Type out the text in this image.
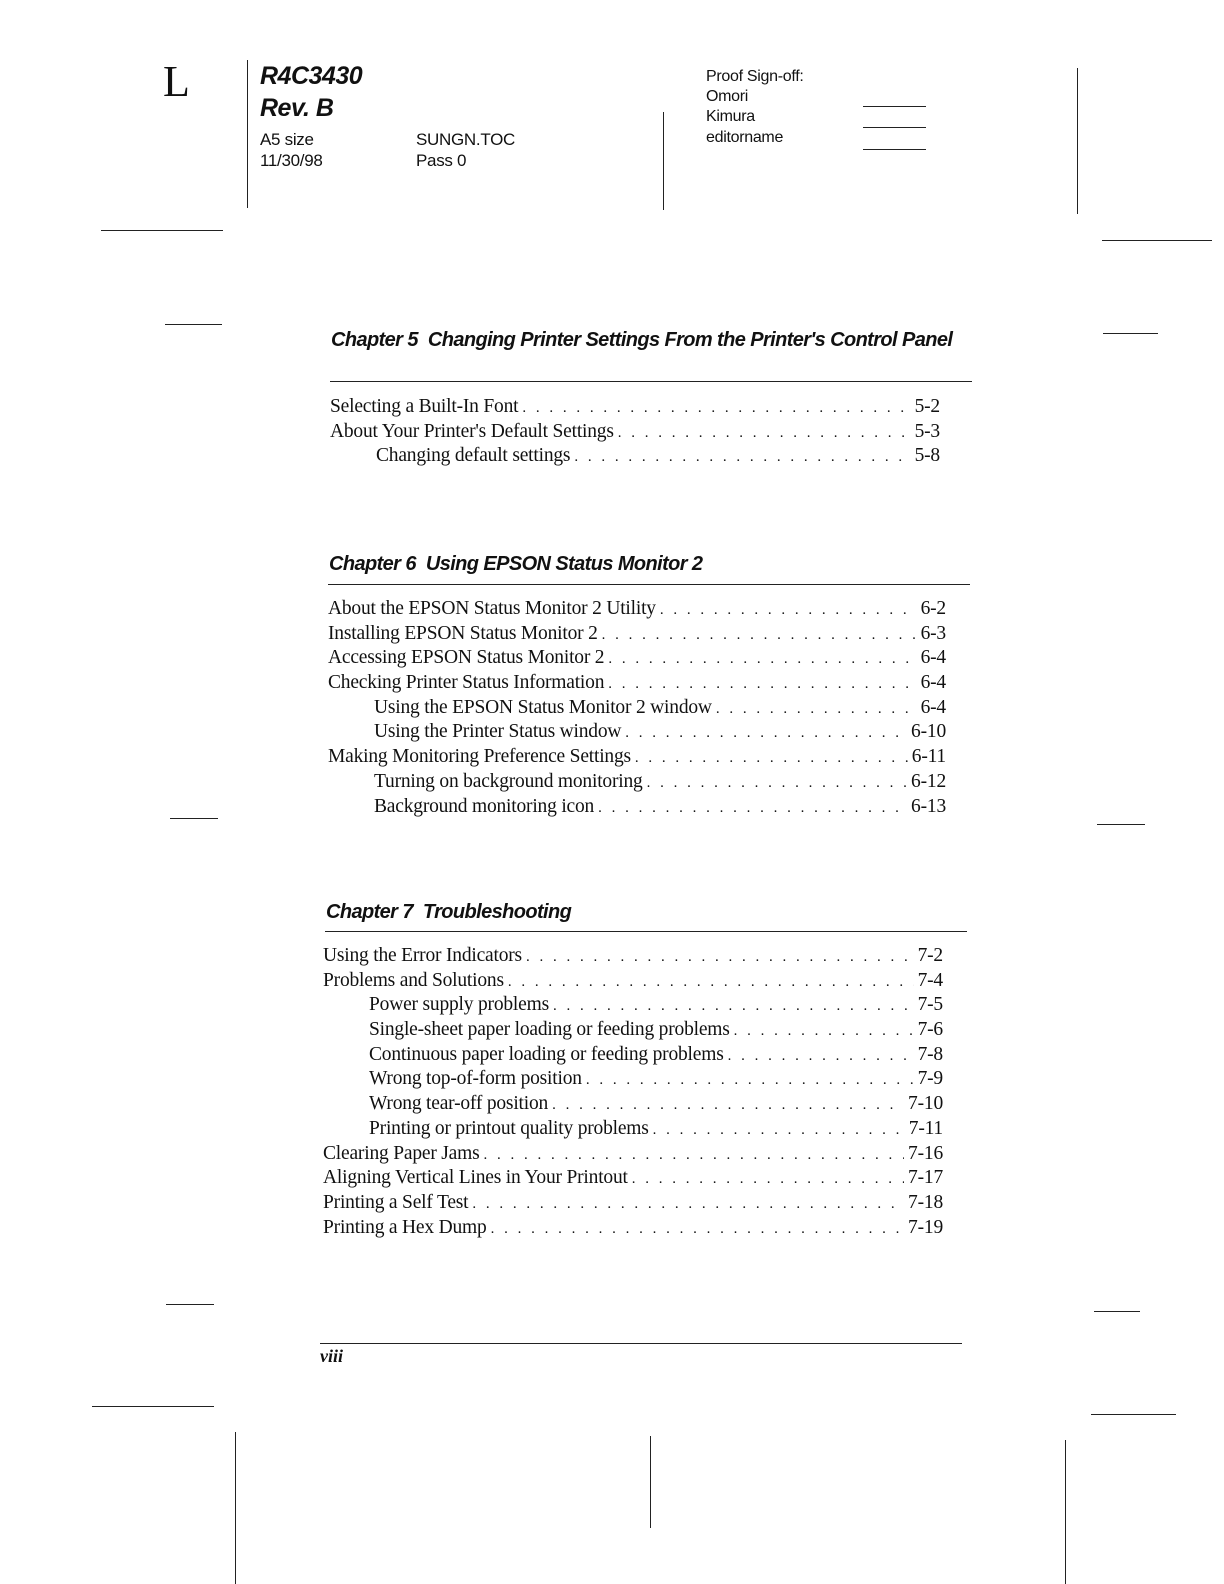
L	R4C3430
Rev. B
A5 size
11/30/98
SUNGN.TOC
Pass 0
Proof Sign-off:
Omori
Kimura
editorname
Chapter 5 Changing Printer Settings From the Printer's Control Panel
Selecting a Built-In Font . . .	5-2
About Your Printer's Default Settings . . .	5-3
Changing default settings . . .	5-8
Chapter 6 Using EPSON Status Monitor 2
About the EPSON Status Monitor 2 Utility . . .	6-2
Installing EPSON Status Monitor 2 . . .	6-3
Accessing EPSON Status Monitor 2 . . .	6-4
Checking Printer Status Information . . .	6-4
Using the EPSON Status Monitor 2 window . . .	6-4
Using the Printer Status window . . .	6-10
Making Monitoring Preference Settings . . .	6-11
Turning on background monitoring . . .	6-12
Background monitoring icon . . .	6-13
Chapter 7 Troubleshooting
Using the Error Indicators . . .	7-2
Problems and Solutions . . .	7-4
Power supply problems . . .	7-5
Single-sheet paper loading or feeding problems . . .	7-6
Continuous paper loading or feeding problems . . .	7-8
Wrong top-of-form position . . .	7-9
Wrong tear-off position . . .	7-10
Printing or printout quality problems . . .	7-11
Clearing Paper Jams . . .	7-16
Aligning Vertical Lines in Your Printout . . .	7-17
Printing a Self Test . . .	7-18
Printing a Hex Dump . . .	7-19
viii
